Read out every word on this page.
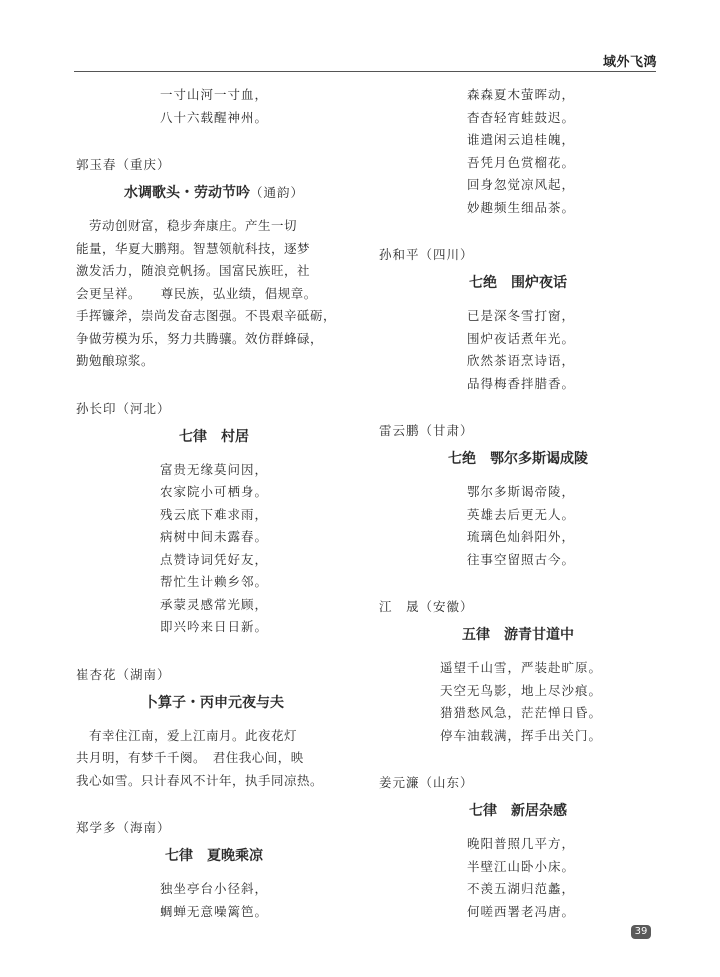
域外飞鸿
一寸山河一寸血，
八十六载醒神州。
郭玉春（重庆）
水调歌头・劳动节吟（通韵）

　劳动创财富，稳步奔康庄。产生一切

能量，华夏大鹏翔。智慧领航科技，逐梦

激发活力，随浪竞帆扬。国富民族旺，社

会更呈祥。　　尊民族，弘业绩，倡规章。

手挥镰斧，崇尚发奋志图强。不畏艰辛砥砺，

争做劳模为乐，努力共腾骧。效仿群蜂碌，

勤勉酿琼浆。

孙长印（河北）
七律　村居
富贵无缘莫问因，
农家院小可栖身。
残云底下难求雨，
病树中间未露春。
点赞诗词凭好友，
帮忙生计赖乡邻。
承蒙灵感常光顾，
即兴吟来日日新。
崔杏花（湖南）
卜算子・丙申元夜与夫

　有幸住江南，爱上江南月。此夜花灯

共月明，有梦千千阕。　君住我心间，映

我心如雪。只计春风不计年，执手同凉热。

郑学多（海南）
七律　夏晚乘凉
独坐亭台小径斜，
蜩蝉无意噪篱笆。
森森夏木萤晖动，
杳杳轻宵蛙鼓迟。
谁遣闲云追桂魄，
吾凭月色赏榴花。
回身忽觉凉风起，
妙趣频生细品茶。
孙和平（四川）
七绝　围炉夜话
已是深冬雪打窗，
围炉夜话煮年光。
欣然茶语烹诗语，
品得梅香拌腊香。
雷云鹏（甘肃）
七绝　鄂尔多斯谒成陵
鄂尔多斯谒帝陵，
英雄去后更无人。
琉璃色灿斜阳外，
往事空留照古今。
江　晟（安徽）
五律　游青甘道中
遥望千山雪，严装赴旷原。
天空无鸟影，地上尽沙痕。
猎猎愁风急，茫茫惮日昏。
停车油载满，挥手出关门。
姜元濂（山东）
七律　新居杂感
晚阳普照几平方，
半壁江山卧小床。
不羡五湖归范蠡，
何嗟西署老冯唐。
39
